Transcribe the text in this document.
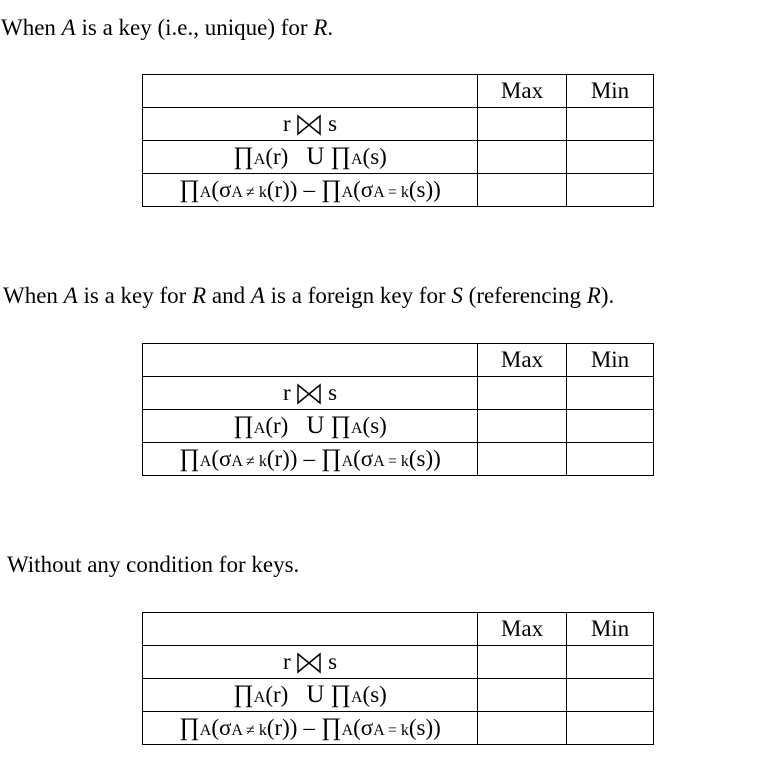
When A is a key (i.e., unique) for R.
	Max	Min
r s		
∏A(r) U ∏A(s)		
∏A(σA ≠ k(r)) – ∏A(σA = k(s))		
When A is a key for R and A is a foreign key for S (referencing R).
	Max	Min
r s		
∏A(r) U ∏A(s)		
∏A(σA ≠ k(r)) – ∏A(σA = k(s))		
Without any condition for keys.
	Max	Min
r s		
∏A(r) U ∏A(s)		
∏A(σA ≠ k(r)) – ∏A(σA = k(s))		
